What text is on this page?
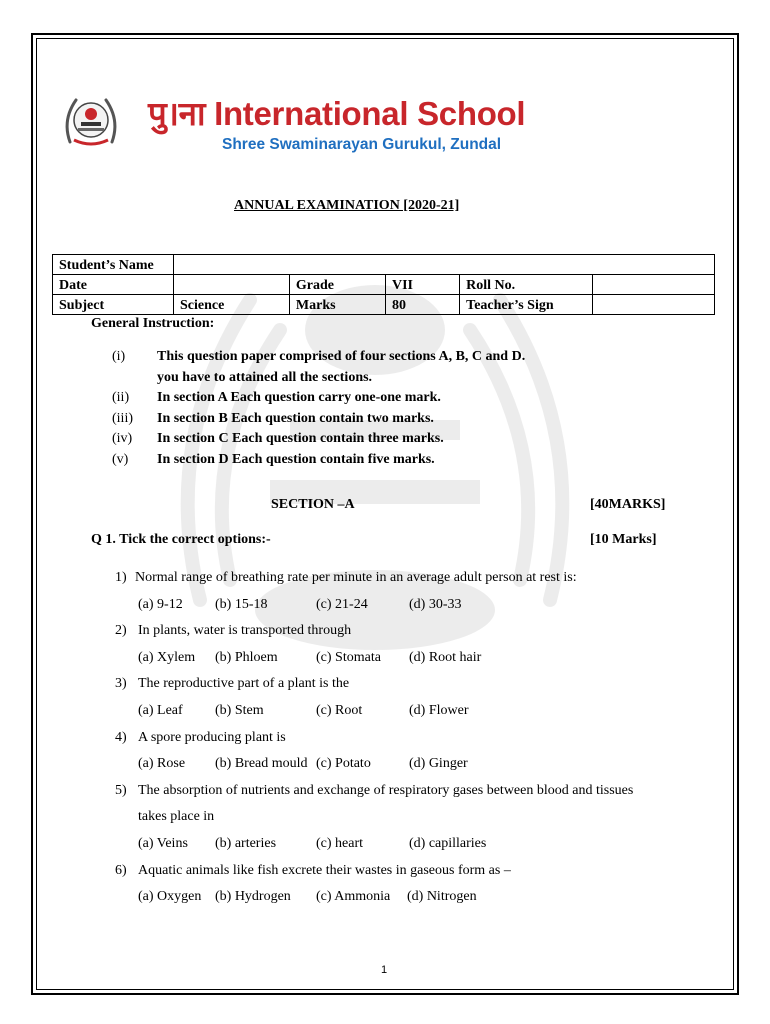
पु।ना International School
Shree Swaminarayan Gurukul, Zundal
ANNUAL EXAMINATION [2020-21]
Student’s Name					
Date		Grade	VII	Roll No.	
Subject	Science	Marks	80	Teacher’s Sign	
General Instruction:
(i) This question paper comprised of four sections A, B, C and D.
you have to attained all the sections.
(ii) In section A Each question carry one-one mark.
(iii) In section B Each question contain two marks.
(iv) In section C Each question contain three marks.
(v) In section D Each question contain five marks.
SECTION –A	[40MARKS]
Q 1. Tick the correct options:-	[10 Marks]
1) Normal range of breathing rate per minute in an average adult person at rest is:
(a) 9-12 (b) 15-18	(c) 21-24	(d) 30-33
2) In plants, water is transported through
(a) Xylem (b) Phloem	(c) Stomata (d) Root hair
3) The reproductive part of a plant is the
(a) Leaf (b) Stem	(c) Root	(d) Flower
4) A spore producing plant is
(a) Rose (b) Bread mould (c) Potato	(d) Ginger
5) The absorption of nutrients and exchange of respiratory gases between blood and tissues
takes place in
(a) Veins (b) arteries	(c) heart	(d) capillaries
6) Aquatic animals like fish excrete their wastes in gaseous form as –
(a) Oxygen (b) Hydrogen (c) Ammonia (d) Nitrogen
1
